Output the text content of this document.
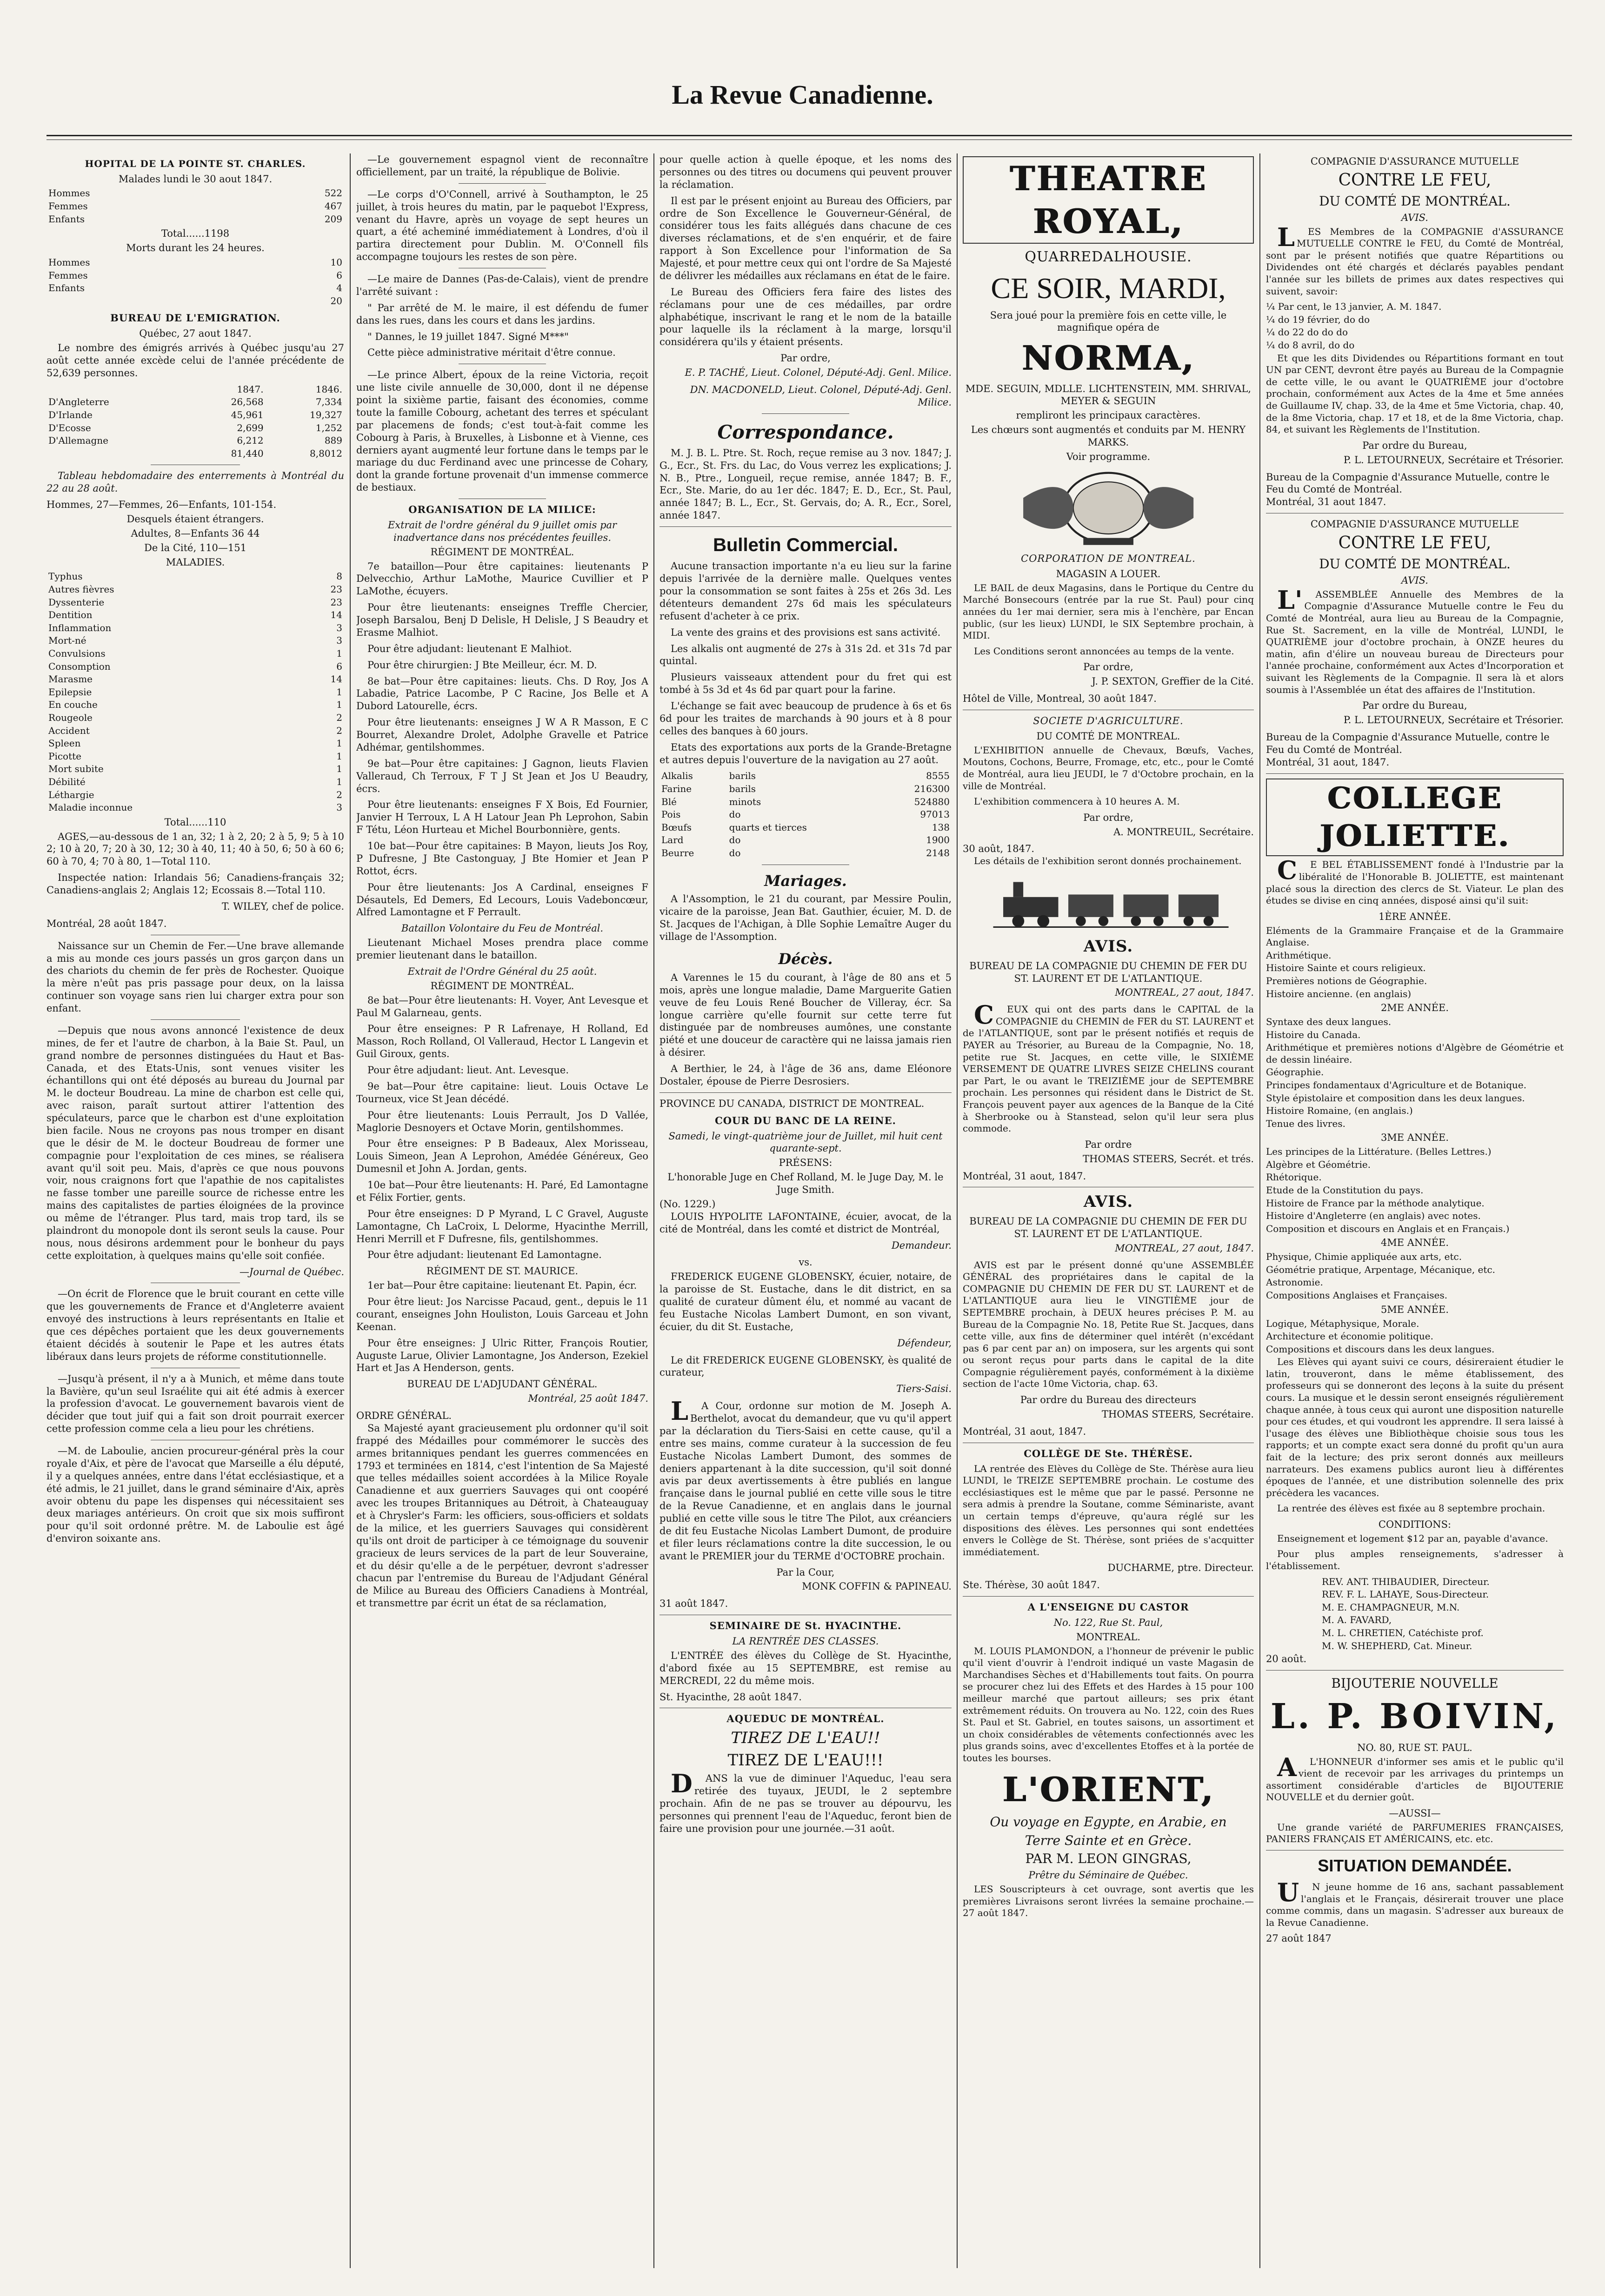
La Revue Canadienne.
HOPITAL DE LA POINTE ST. CHARLES.
Malades lundi le 30 aout 1847.
Hommes	522
Femmes	467
Enfants	209
Total......1198
Morts durant les 24 heures.
Hommes	10
Femmes	6
Enfants	4
	20
BUREAU DE L'EMIGRATION.
Québec, 27 aout 1847.

Le nombre des émigrés arrivés à Québec jusqu'au 27 août cette année excède celui de l'année précédente de 52,639 personnes.

	1847.	1846.
D'Angleterre	26,568	7,334
D'Irlande	45,961	19,327
D'Ecosse	2,699	1,252
D'Allemagne	6,212	889
	81,440	8,8012

Tableau hebdomadaire des enterrements à Montréal du 22 au 28 août.

Hommes, 27—Femmes, 26—Enfants, 101-154.
Desquels étaient étrangers.
Adultes, 8—Enfants 36 44
De la Cité, 110—151
MALADIES.
Typhus	8
Autres fièvres	23
Dyssenterie	23
Dentition	14
Inflammation	3
Mort-né	3
Convulsions	1
Consomption	6
Marasme	14
Epilepsie	1
En couche	1
Rougeole	2
Accident	2
Spleen	1
Picotte	1
Mort subite	1
Débilité	1
Léthargie	2
Maladie inconnue	3
Total......110

AGES,—au-dessous de 1 an, 32; 1 à 2, 20; 2 à 5, 9; 5 à 10 2; 10 à 20, 7; 20 à 30, 12; 30 à 40, 11; 40 à 50, 6; 50 à 60 6; 60 à 70, 4; 70 à 80, 1—Total 110.

Inspectée nation: Irlandais 56; Canadiens-français 32; Canadiens-anglais 2; Anglais 12; Ecossais 8.—Total 110.

T. WILEY, chef de police.
Montréal, 28 août 1847.

Naissance sur un Chemin de Fer.—Une brave allemande a mis au monde ces jours passés un gros garçon dans un des chariots du chemin de fer près de Rochester. Quoique la mère n'eût pas pris passage pour deux, on la laissa continuer son voyage sans rien lui charger extra pour son enfant.

—Depuis que nous avons annoncé l'existence de deux mines, de fer et l'autre de charbon, à la Baie St. Paul, un grand nombre de personnes distinguées du Haut et Bas-Canada, et des Etats-Unis, sont venues visiter les échantillons qui ont été déposés au bureau du Journal par M. le docteur Boudreau. La mine de charbon est celle qui, avec raison, paraît surtout attirer l'attention des spéculateurs, parce que le charbon est d'une exploitation bien facile. Nous ne croyons pas nous tromper en disant que le désir de M. le docteur Boudreau de former une compagnie pour l'exploitation de ces mines, se réalisera avant qu'il soit peu. Mais, d'après ce que nous pouvons voir, nous craignons fort que l'apathie de nos capitalistes ne fasse tomber une pareille source de richesse entre les mains des capitalistes de parties éloignées de la province ou même de l'étranger. Plus tard, mais trop tard, ils se plaindront du monopole dont ils seront seuls la cause. Pour nous, nous désirons ardemment pour le bonheur du pays cette exploitation, à quelques mains qu'elle soit confiée.

—Journal de Québec.

—On écrit de Florence que le bruit courant en cette ville que les gouvernements de France et d'Angleterre avaient envoyé des instructions à leurs représentants en Italie et que ces dépêches portaient que les deux gouvernements étaient décidés à soutenir le Pape et les autres états libéraux dans leurs projets de réforme constitutionnelle.

—Jusqu'à présent, il n'y a à Munich, et même dans toute la Bavière, qu'un seul Israélite qui ait été admis à exercer la profession d'avocat. Le gouvernement bavarois vient de décider que tout juif qui a fait son droit pourrait exercer cette profession comme cela a lieu pour les chrétiens.

—M. de Laboulie, ancien procureur-général près la cour royale d'Aix, et père de l'avocat que Marseille a élu député, il y a quelques années, entre dans l'état ecclésiastique, et a été admis, le 21 juillet, dans le grand séminaire d'Aix, après avoir obtenu du pape les dispenses qui nécessitaient ses deux mariages antérieurs. On croit que six mois suffiront pour qu'il soit ordonné prêtre. M. de Laboulie est âgé d'environ soixante ans.

—Le gouvernement espagnol vient de reconnaître officiellement, par un traité, la république de Bolivie.

—Le corps d'O'Connell, arrivé à Southampton, le 25 juillet, à trois heures du matin, par le paquebot l'Express, venant du Havre, après un voyage de sept heures un quart, a été acheminé immédiatement à Londres, d'où il partira directement pour Dublin. M. O'Connell fils accompagne toujours les restes de son père.

—Le maire de Dannes (Pas-de-Calais), vient de prendre l'arrêté suivant :

" Par arrêté de M. le maire, il est défendu de fumer dans les rues, dans les cours et dans les jardins.

" Dannes, le 19 juillet 1847. Signé M***"

Cette pièce administrative méritait d'être connue.

—Le prince Albert, époux de la reine Victoria, reçoit une liste civile annuelle de 30,000, dont il ne dépense point la sixième partie, faisant des économies, comme toute la famille Cobourg, achetant des terres et spéculant par placemens de fonds; c'est tout-à-fait comme les Cobourg à Paris, à Bruxelles, à Lisbonne et à Vienne, ces derniers ayant augmenté leur fortune dans le temps par le mariage du duc Ferdinand avec une princesse de Cohary, dont la grande fortune provenait d'un immense commerce de bestiaux.

ORGANISATION DE LA MILICE:
Extrait de l'ordre général du 9 juillet omis par inadvertance dans nos précédentes feuilles.
RÉGIMENT DE MONTRÉAL.

7e bataillon—Pour être capitaines: lieutenants P Delvecchio, Arthur LaMothe, Maurice Cuvillier et P LaMothe, écuyers.

Pour être lieutenants: enseignes Treffle Chercier, Joseph Barsalou, Benj D Delisle, H Delisle, J S Beaudry et Erasme Malhiot.

Pour être adjudant: lieutenant E Malhiot.

Pour être chirurgien: J Bte Meilleur, écr. M. D.

8e bat—Pour être capitaines: lieuts. Chs. D Roy, Jos A Labadie, Patrice Lacombe, P C Racine, Jos Belle et A Dubord Latourelle, écrs.

Pour être lieutenants: enseignes J W A R Masson, E C Bourret, Alexandre Drolet, Adolphe Gravelle et Patrice Adhémar, gentilshommes.

9e bat—Pour être capitaines: J Gagnon, lieuts Flavien Valleraud, Ch Terroux, F T J St Jean et Jos U Beaudry, écrs.

Pour être lieutenants: enseignes F X Bois, Ed Fournier, Janvier H Terroux, L A H Latour Jean Ph Leprohon, Sabin F Tétu, Léon Hurteau et Michel Bourbonnière, gents.

10e bat—Pour être capitaines: B Mayon, lieuts Jos Roy, P Dufresne, J Bte Castonguay, J Bte Homier et Jean P Rottot, écrs.

Pour être lieutenants: Jos A Cardinal, enseignes F Désautels, Ed Demers, Ed Lecours, Louis Vadeboncœur, Alfred Lamontagne et F Perrault.

Bataillon Volontaire du Feu de Montréal.

Lieutenant Michael Moses prendra place comme premier lieutenant dans le bataillon.

Extrait de l'Ordre Général du 25 août.
RÉGIMENT DE MONTRÉAL.

8e bat—Pour être lieutenants: H. Voyer, Ant Levesque et Paul M Galarneau, gents.

Pour être enseignes: P R Lafrenaye, H Rolland, Ed Masson, Roch Rolland, Ol Valleraud, Hector L Langevin et Guil Giroux, gents.

Pour être adjudant: lieut. Ant. Levesque.

9e bat—Pour être capitaine: lieut. Louis Octave Le Tourneux, vice St Jean décédé.

Pour être lieutenants: Louis Perrault, Jos D Vallée, Maglorie Desnoyers et Octave Morin, gentilshommes.

Pour être enseignes: P B Badeaux, Alex Morisseau, Louis Simeon, Jean A Leprohon, Amédée Généreux, Geo Dumesnil et John A. Jordan, gents.

10e bat—Pour être lieutenants: H. Paré, Ed Lamontagne et Félix Fortier, gents.

Pour être enseignes: D P Myrand, L C Gravel, Auguste Lamontagne, Ch LaCroix, L Delorme, Hyacinthe Merrill, Henri Merrill et F Dufresne, fils, gentilshommes.

Pour être adjudant: lieutenant Ed Lamontagne.

RÉGIMENT DE ST. MAURICE.

1er bat—Pour être capitaine: lieutenant Et. Papin, écr.

Pour être lieut: Jos Narcisse Pacaud, gent., depuis le 11 courant, enseignes John Houliston, Louis Garceau et John Keenan.

Pour être enseignes: J Ulric Ritter, François Routier, Auguste Larue, Olivier Lamontagne, Jos Anderson, Ezekiel Hart et Jas A Henderson, gents.

BUREAU DE L'ADJUDANT GÉNÉRAL.
Montréal, 25 août 1847.
ORDRE GÉNÉRAL.

Sa Majesté ayant gracieusement plu ordonner qu'il soit frappé des Médailles pour commémorer le succès des armes britanniques pendant les guerres commencées en 1793 et terminées en 1814, c'est l'intention de Sa Majesté que telles médailles soient accordées à la Milice Royale Canadienne et aux guerriers Sauvages qui ont coopéré avec les troupes Britanniques au Détroit, à Chateauguay et à Chrysler's Farm: les officiers, sous-officiers et soldats de la milice, et les guerriers Sauvages qui considèrent qu'ils ont droit de participer à ce témoignage du souvenir gracieux de leurs services de la part de leur Souveraine, et du désir qu'elle a de le perpétuer, devront s'adresser chacun par l'entremise du Bureau de l'Adjudant Général de Milice au Bureau des Officiers Canadiens à Montréal, et transmettre par écrit un état de sa réclamation,

pour quelle action à quelle époque, et les noms des personnes ou des titres ou documens qui peuvent prouver la réclamation.

Il est par le présent enjoint au Bureau des Officiers, par ordre de Son Excellence le Gouverneur-Général, de considérer tous les faits allégués dans chacune de ces diverses réclamations, et de s'en enquérir, et de faire rapport à Son Excellence pour l'information de Sa Majesté, et pour mettre ceux qui ont l'ordre de Sa Majesté de délivrer les médailles aux réclamans en état de le faire.

Le Bureau des Officiers fera faire des listes des réclamans pour une de ces médailles, par ordre alphabétique, inscrivant le rang et le nom de la bataille pour laquelle ils la réclament à la marge, lorsqu'il considérera qu'ils y étaient présents.

Par ordre,
E. P. TACHÉ, Lieut. Colonel, Député-Adj. Genl. Milice.
DN. MACDONELD, Lieut. Colonel, Député-Adj. Genl. Milice.
Correspondance.

M. J. B. L. Ptre. St. Roch, reçue remise au 3 nov. 1847; J. G., Ecr., St. Frs. du Lac, do Vous verrez les explications; J. N. B., Ptre., Longueil, reçue remise, année 1847; B. F., Ecr., Ste. Marie, do au 1er déc. 1847; E. D., Ecr., St. Paul, année 1847; B. L., Ecr., St. Gervais, do; A. R., Ecr., Sorel, année 1847.

Bulletin Commercial.

Aucune transaction importante n'a eu lieu sur la farine depuis l'arrivée de la dernière malle. Quelques ventes pour la consommation se sont faites à 25s et 26s 3d. Les détenteurs demandent 27s 6d mais les spéculateurs refusent d'acheter à ce prix.

La vente des grains et des provisions est sans activité.

Les alkalis ont augmenté de 27s à 31s 2d. et 31s 7d par quintal.

Plusieurs vaisseaux attendent pour du fret qui est tombé à 5s 3d et 4s 6d par quart pour la farine.

L'échange se fait avec beaucoup de prudence à 6s et 6s 6d pour les traites de marchands à 90 jours et à 8 pour celles des banques à 60 jours.

Etats des exportations aux ports de la Grande-Bretagne et autres depuis l'ouverture de la navigation au 27 août.

Alkalis	barils	8555
Farine	barils	216300
Blé	minots	524880
Pois	do	97013
Bœufs	quarts et tierces	138
Lard	do	1900
Beurre	do	2148
Mariages.

A l'Assomption, le 21 du courant, par Messire Poulin, vicaire de la paroisse, Jean Bat. Gauthier, écuier, M. D. de St. Jacques de l'Achigan, à Dlle Sophie Lemaître Auger du village de l'Assomption.

Décès.

A Varennes le 15 du courant, à l'âge de 80 ans et 5 mois, après une longue maladie, Dame Marguerite Gatien veuve de feu Louis René Boucher de Villeray, écr. Sa longue carrière qu'elle fournit sur cette terre fut distinguée par de nombreuses aumônes, une constante piété et une douceur de caractère qui ne laissa jamais rien à désirer.

A Berthier, le 24, à l'âge de 36 ans, dame Eléonore Dostaler, épouse de Pierre Desrosiers.

PROVINCE DU CANADA, DISTRICT DE MONTREAL.
COUR DU BANC DE LA REINE.
Samedi, le vingt-quatrième jour de Juillet, mil huit cent quarante-sept.
PRÉSENS:
L'honorable Juge en Chef Rolland, M. le Juge Day, M. le Juge Smith.
(No. 1229.)

LOUIS HYPOLITE LAFONTAINE, écuier, avocat, de la cité de Montréal, dans les comté et district de Montréal,

Demandeur.
vs.

FREDERICK EUGENE GLOBENSKY, écuier, notaire, de la paroisse de St. Eustache, dans le dit district, en sa qualité de curateur dûment élu, et nommé au vacant de feu Eustache Nicolas Lambert Dumont, en son vivant, écuier, du dit St. Eustache,

Défendeur,

Le dit FREDERICK EUGENE GLOBENSKY, ès qualité de curateur,

Tiers-Saisi.

LA Cour, ordonne sur motion de M. Joseph A. Berthelot, avocat du demandeur, que vu qu'il appert par la déclaration du Tiers-Saisi en cette cause, qu'il a entre ses mains, comme curateur à la succession de feu Eustache Nicolas Lambert Dumont, des sommes de deniers appartenant à la dite succession, qu'il soit donné avis par deux avertissements à être publiés en langue française dans le journal publié en cette ville sous le titre de la Revue Canadienne, et en anglais dans le journal publié en cette ville sous le titre The Pilot, aux créanciers de dit feu Eustache Nicolas Lambert Dumont, de produire et filer leurs réclamations contre la dite succession, le ou avant le PREMIER jour du TERME d'OCTOBRE prochain.

Par la Cour,
MONK COFFIN & PAPINEAU.
31 août 1847.
SEMINAIRE DE St. HYACINTHE.
LA RENTRÉE DES CLASSES.

L'ENTRÉE des élèves du Collège de St. Hyacinthe, d'abord fixée au 15 SEPTEMBRE, est remise au MERCREDI, 22 du même mois.

St. Hyacinthe, 28 août 1847.
AQUEDUC DE MONTRÉAL.
TIREZ DE L'EAU!!
TIREZ DE L'EAU!!!

DANS la vue de diminuer l'Aqueduc, l'eau sera retirée des tuyaux, JEUDI, le 2 septembre prochain. Afin de ne pas se trouver au dépourvu, les personnes qui prennent l'eau de l'Aqueduc, feront bien de faire une provision pour une journée.—31 août.

THEATRE ROYAL,
QUARREDALHOUSIE.
CE SOIR, MARDI,
Sera joué pour la première fois en cette ville, le magnifique opéra de
NORMA,
MDE. SEGUIN, MDLLE. LICHTENSTEIN, MM. SHRIVAL, MEYER & SEGUIN
rempliront les principaux caractères.
Les chœurs sont augmentés et conduits par M. HENRY MARKS.
Voir programme.
CORPORATION DE MONTREAL.
MAGASIN A LOUER.

LE BAIL de deux Magasins, dans le Portique du Centre du Marché Bonsecours (entrée par la rue St. Paul) pour cinq années du 1er mai dernier, sera mis à l'enchère, par Encan public, (sur les lieux) LUNDI, le SIX Septembre prochain, à MIDI.

Les Conditions seront annoncées au temps de la vente.

Par ordre,
J. P. SEXTON, Greffier de la Cité.
Hôtel de Ville, Montreal, 30 août 1847.
SOCIETE D'AGRICULTURE.
DU COMTÉ DE MONTREAL.

L'EXHIBITION annuelle de Chevaux, Bœufs, Vaches, Moutons, Cochons, Beurre, Fromage, etc, etc., pour le Comté de Montréal, aura lieu JEUDI, le 7 d'Octobre prochain, en la ville de Montréal.

L'exhibition commencera à 10 heures A. M.

Par ordre,
A. MONTREUIL, Secrétaire.
30 août, 1847.

Les détails de l'exhibition seront donnés prochainement.

AVIS.
BUREAU DE LA COMPAGNIE DU CHEMIN DE FER DU ST. LAURENT ET DE L'ATLANTIQUE.
MONTREAL, 27 aout, 1847.

CEUX qui ont des parts dans le CAPITAL de la COMPAGNIE du CHEMIN de FER du ST. LAURENT et de l'ATLANTIQUE, sont par le présent notifiés et requis de PAYER au Trésorier, au Bureau de la Compagnie, No. 18, petite rue St. Jacques, en cette ville, le SIXIÈME VERSEMENT DE QUATRE LIVRES SEIZE CHELINS courant par Part, le ou avant le TREIZIÈME jour de SEPTEMBRE prochain. Les personnes qui résident dans le District de St. François peuvent payer aux agences de la Banque de la Cité à Sherbrooke ou à Stanstead, selon qu'il leur sera plus commode.

Par ordre
THOMAS STEERS, Secrét. et trés.
Montréal, 31 aout, 1847.
AVIS.
BUREAU DE LA COMPAGNIE DU CHEMIN DE FER DU ST. LAURENT ET DE L'ATLANTIQUE.
MONTREAL, 27 aout, 1847.

AVIS est par le présent donné qu'une ASSEMBLÉE GÉNÉRAL des propriétaires dans le capital de la COMPAGNIE DU CHEMIN DE FER DU ST. LAURENT et de L'ATLANTIQUE aura lieu le VINGTIÈME jour de SEPTEMBRE prochain, à DEUX heures précises P. M. au Bureau de la Compagnie No. 18, Petite Rue St. Jacques, dans cette ville, aux fins de déterminer quel intérêt (n'excédant pas 6 par cent par an) on imposera, sur les argents qui sont ou seront reçus pour parts dans le capital de la dite Compagnie régulièrement payés, conformément à la dixième section de l'acte 10me Victoria, chap. 63.

Par ordre du Bureau des directeurs
THOMAS STEERS, Secrétaire.
Montréal, 31 aout, 1847.
COLLÈGE DE Ste. THÉRÈSE.

LA rentrée des Elèves du Collège de Ste. Thérèse aura lieu LUNDI, le TREIZE SEPTEMBRE prochain. Le costume des ecclésiastiques est le même que par le passé. Personne ne sera admis à prendre la Soutane, comme Séminariste, avant un certain temps d'épreuve, qu'aura réglé sur les dispositions des élèves. Les personnes qui sont endettées envers le Collège de St. Thérèse, sont priées de s'acquitter immédiatement.

DUCHARME, ptre. Directeur.
Ste. Thérèse, 30 août 1847.
A L'ENSEIGNE DU CASTOR
No. 122, Rue St. Paul,
MONTREAL.

M. LOUIS PLAMONDON, a l'honneur de prévenir le public qu'il vient d'ouvrir à l'endroit indiqué un vaste Magasin de Marchandises Sèches et d'Habillements tout faits. On pourra se procurer chez lui des Effets et des Hardes à 15 pour 100 meilleur marché que partout ailleurs; ses prix étant extrêmement réduits. On trouvera au No. 122, coin des Rues St. Paul et St. Gabriel, en toutes saisons, un assortiment et un choix considérables de vêtements confectionnés avec les plus grands soins, avec d'excellentes Etoffes et à la portée de toutes les bourses.

L'ORIENT,
Ou voyage en Egypte, en Arabie, en
Terre Sainte et en Grèce.
PAR M. LEON GINGRAS,
Prêtre du Séminaire de Québec.

LES Souscripteurs à cet ouvrage, sont avertis que les premières Livraisons seront livrées la semaine prochaine.—27 août 1847.

COMPAGNIE D'ASSURANCE MUTUELLE
CONTRE LE FEU,
DU COMTÉ DE MONTRÉAL.
AVIS.

LES Membres de la COMPAGNIE d'ASSURANCE MUTUELLE CONTRE le FEU, du Comté de Montréal, sont par le présent notifiés que quatre Répartitions ou Dividendes ont été chargés et déclarés payables pendant l'année sur les billets de primes aux dates respectives qui suivent, savoir:

¼ Par cent, le 13 janvier, A. M. 1847.
¼ do 19 février, do do
¼ do 22 do do do
¼ do 8 avril, do do

Et que les dits Dividendes ou Répartitions formant en tout UN par CENT, devront être payés au Bureau de la Compagnie de cette ville, le ou avant le QUATRIÈME jour d'octobre prochain, conformément aux Actes de la 4me et 5me années de Guillaume IV, chap. 33, de la 4me et 5me Victoria, chap. 40, de la 8me Victoria, chap. 17 et 18, et de la 8me Victoria, chap. 84, et suivant les Règlements de l'Institution.

Par ordre du Bureau,
P. L. LETOURNEUX, Secrétaire et Trésorier.
Bureau de la Compagnie d'Assurance Mutuelle, contre le Feu du Comté de Montréal.
Montréal, 31 aout 1847.
COMPAGNIE D'ASSURANCE MUTUELLE
CONTRE LE FEU,
DU COMTÉ DE MONTRÉAL.
AVIS.

L'ASSEMBLÉE Annuelle des Membres de la Compagnie d'Assurance Mutuelle contre le Feu du Comté de Montréal, aura lieu au Bureau de la Compagnie, Rue St. Sacrement, en la ville de Montréal, LUNDI, le QUATRIÈME jour d'octobre prochain, à ONZE heures du matin, afin d'élire un nouveau bureau de Directeurs pour l'année prochaine, conformément aux Actes d'Incorporation et suivant les Règlements de la Compagnie. Il sera là et alors soumis à l'Assemblée un état des affaires de l'Institution.

Par ordre du Bureau,
P. L. LETOURNEUX, Secrétaire et Trésorier.
Bureau de la Compagnie d'Assurance Mutuelle, contre le Feu du Comté de Montréal.
Montréal, 31 aout, 1847.
COLLEGE JOLIETTE.

CE BEL ÉTABLISSEMENT fondé à l'Industrie par la libéralité de l'Honorable B. JOLIETTE, est maintenant placé sous la direction des clercs de St. Viateur. Le plan des études se divise en cinq années, disposé ainsi qu'il suit:

1ÈRE ANNÉE.
Eléments de la Grammaire Française et de la Grammaire Anglaise.
Arithmétique.
Histoire Sainte et cours religieux.
Premières notions de Géographie.
Histoire ancienne. (en anglais)
2ME ANNÉE.
Syntaxe des deux langues.
Histoire du Canada.
Arithmétique et premières notions d'Algèbre de Géométrie et de dessin linéaire.
Géographie.
Principes fondamentaux d'Agriculture et de Botanique.
Style épistolaire et composition dans les deux langues.
Histoire Romaine, (en anglais.)
Tenue des livres.
3ME ANNÉE.
Les principes de la Littérature. (Belles Lettres.)
Algèbre et Géométrie.
Rhétorique.
Etude de la Constitution du pays.
Histoire de France par la méthode analytique.
Histoire d'Angleterre (en anglais) avec notes.
Composition et discours en Anglais et en Français.)
4ME ANNÉE.
Physique, Chimie appliquée aux arts, etc.
Géométrie pratique, Arpentage, Mécanique, etc.
Astronomie.
Compositions Anglaises et Françaises.
5ME ANNÉE.
Logique, Métaphysique, Morale.
Architecture et économie politique.
Compositions et discours dans les deux langues.

Les Elèves qui ayant suivi ce cours, désireraient étudier le latin, trouveront, dans le même établissement, des professeurs qui se donneront des leçons à la suite du présent cours. La musique et le dessin seront enseignés régulièrement chaque année, à tous ceux qui auront une disposition naturelle pour ces études, et qui voudront les apprendre. Il sera laissé à l'usage des élèves une Bibliothèque choisie sous tous les rapports; et un compte exact sera donné du profit qu'un aura fait de la lecture; des prix seront donnés aux meilleurs narrateurs. Des examens publics auront lieu à différentes époques de l'année, et une distribution solennelle des prix précèdera les vacances.

La rentrée des élèves est fixée au 8 septembre prochain.

CONDITIONS:

Enseignement et logement $12 par an, payable d'avance.

Pour plus amples renseignements, s'adresser à l'établissement.

REV. ANT. THIBAUDIER, Directeur.
REV. F. L. LAHAYE, Sous-Directeur.
M. E. CHAMPAGNEUR, M.N.
M. A. FAVARD,
M. L. CHRETIEN, Catéchiste prof.
M. W. SHEPHERD, Cat. Mineur.
20 août.
BIJOUTERIE NOUVELLE
L. P. BOIVIN,
NO. 80, RUE ST. PAUL.

AL'HONNEUR d'informer ses amis et le public qu'il vient de recevoir par les arrivages du printemps un assortiment considérable d'articles de BIJOUTERIE NOUVELLE et du dernier goût.

—AUSSI—

Une grande variété de PARFUMERIES FRANÇAISES, PANIERS FRANÇAIS ET AMÉRICAINS, etc. etc.

SITUATION DEMANDÉE.

UN jeune homme de 16 ans, sachant passablement l'anglais et le Français, désirerait trouver une place comme commis, dans un magasin. S'adresser aux bureaux de la Revue Canadienne.

27 août 1847
